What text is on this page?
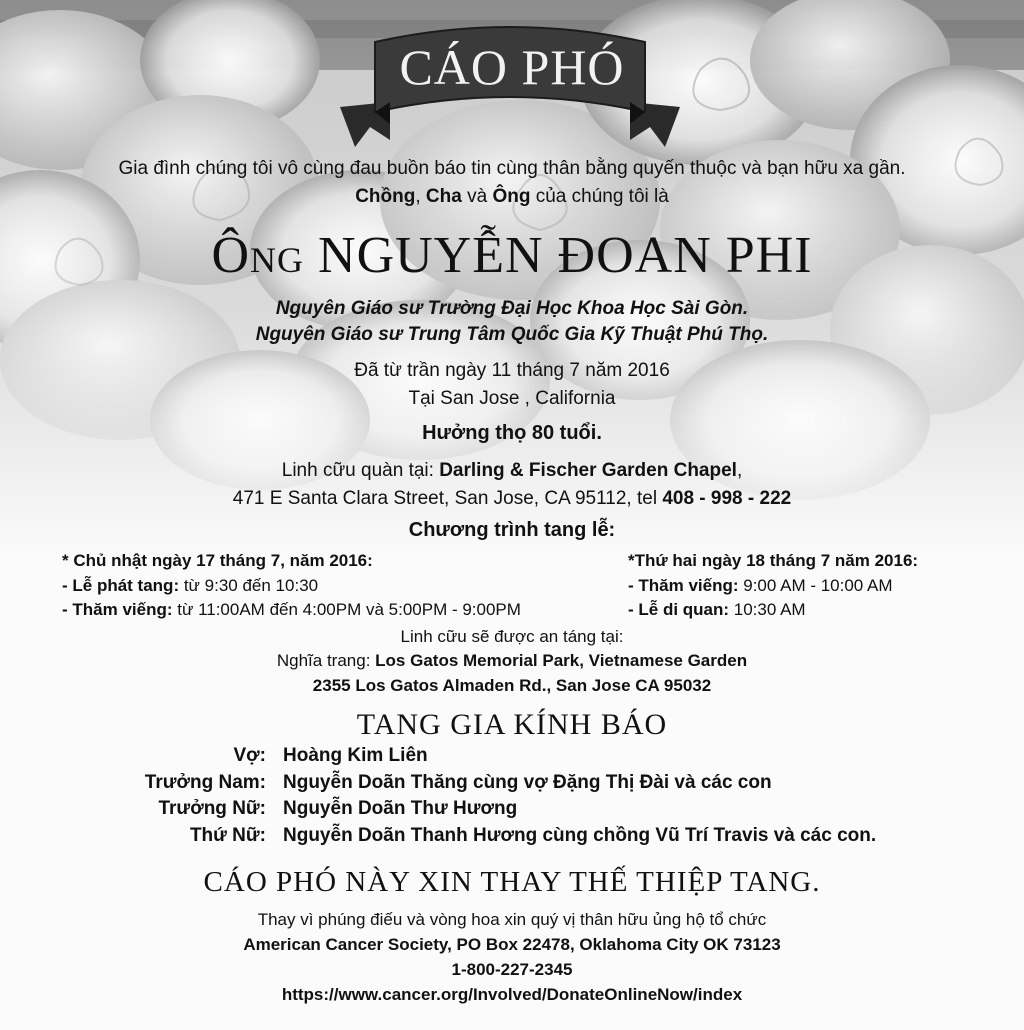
CÁO PHÓ
Gia đình chúng tôi vô cùng đau buồn báo tin cùng thân bằng quyến thuộc và bạn hữu xa gần.
Chồng, Cha và Ông của chúng tôi là
ÔNG NGUYỄN ĐOAN PHI
Nguyên Giáo sư Trường Đại Học Khoa Học Sài Gòn.
Nguyên Giáo sư Trung Tâm Quốc Gia Kỹ Thuật Phú Thọ.
Đã từ trần ngày 11 tháng 7 năm 2016
Tại San Jose , California
Hưởng thọ 80 tuổi.
Linh cữu quàn tại: Darling & Fischer Garden Chapel,
471 E Santa Clara Street, San Jose, CA 95112, tel 408 - 998 - 222
Chương trình tang lễ:
* Chủ nhật ngày 17 tháng 7, năm 2016:
- Lễ phát tang: từ 9:30 đến 10:30
- Thăm viếng: từ 11:00AM đến 4:00PM và 5:00PM - 9:00PM
*Thứ hai ngày 18 tháng 7 năm 2016:
- Thăm viếng: 9:00 AM - 10:00 AM
- Lễ di quan: 10:30 AM
Linh cữu sẽ được an táng tại:
Nghĩa trang: Los Gatos Memorial Park, Vietnamese Garden
2355 Los Gatos Almaden Rd., San Jose CA 95032
TANG GIA KÍNH BÁO
Vợ: Hoàng Kim Liên
Trưởng Nam: Nguyễn Doãn Thăng cùng vợ Đặng Thị Đài và các con
Trưởng Nữ: Nguyễn Doãn Thư Hương
Thứ Nữ: Nguyễn Doãn Thanh Hương cùng chồng Vũ Trí Travis và các con.
CÁO PHÓ NÀY XIN THAY THẾ THIỆP TANG.
Thay vì phúng điếu và vòng hoa xin quý vị thân hữu ủng hộ tổ chức
American Cancer Society, PO Box 22478, Oklahoma City OK 73123
1-800-227-2345
https://www.cancer.org/Involved/DonateOnlineNow/index
